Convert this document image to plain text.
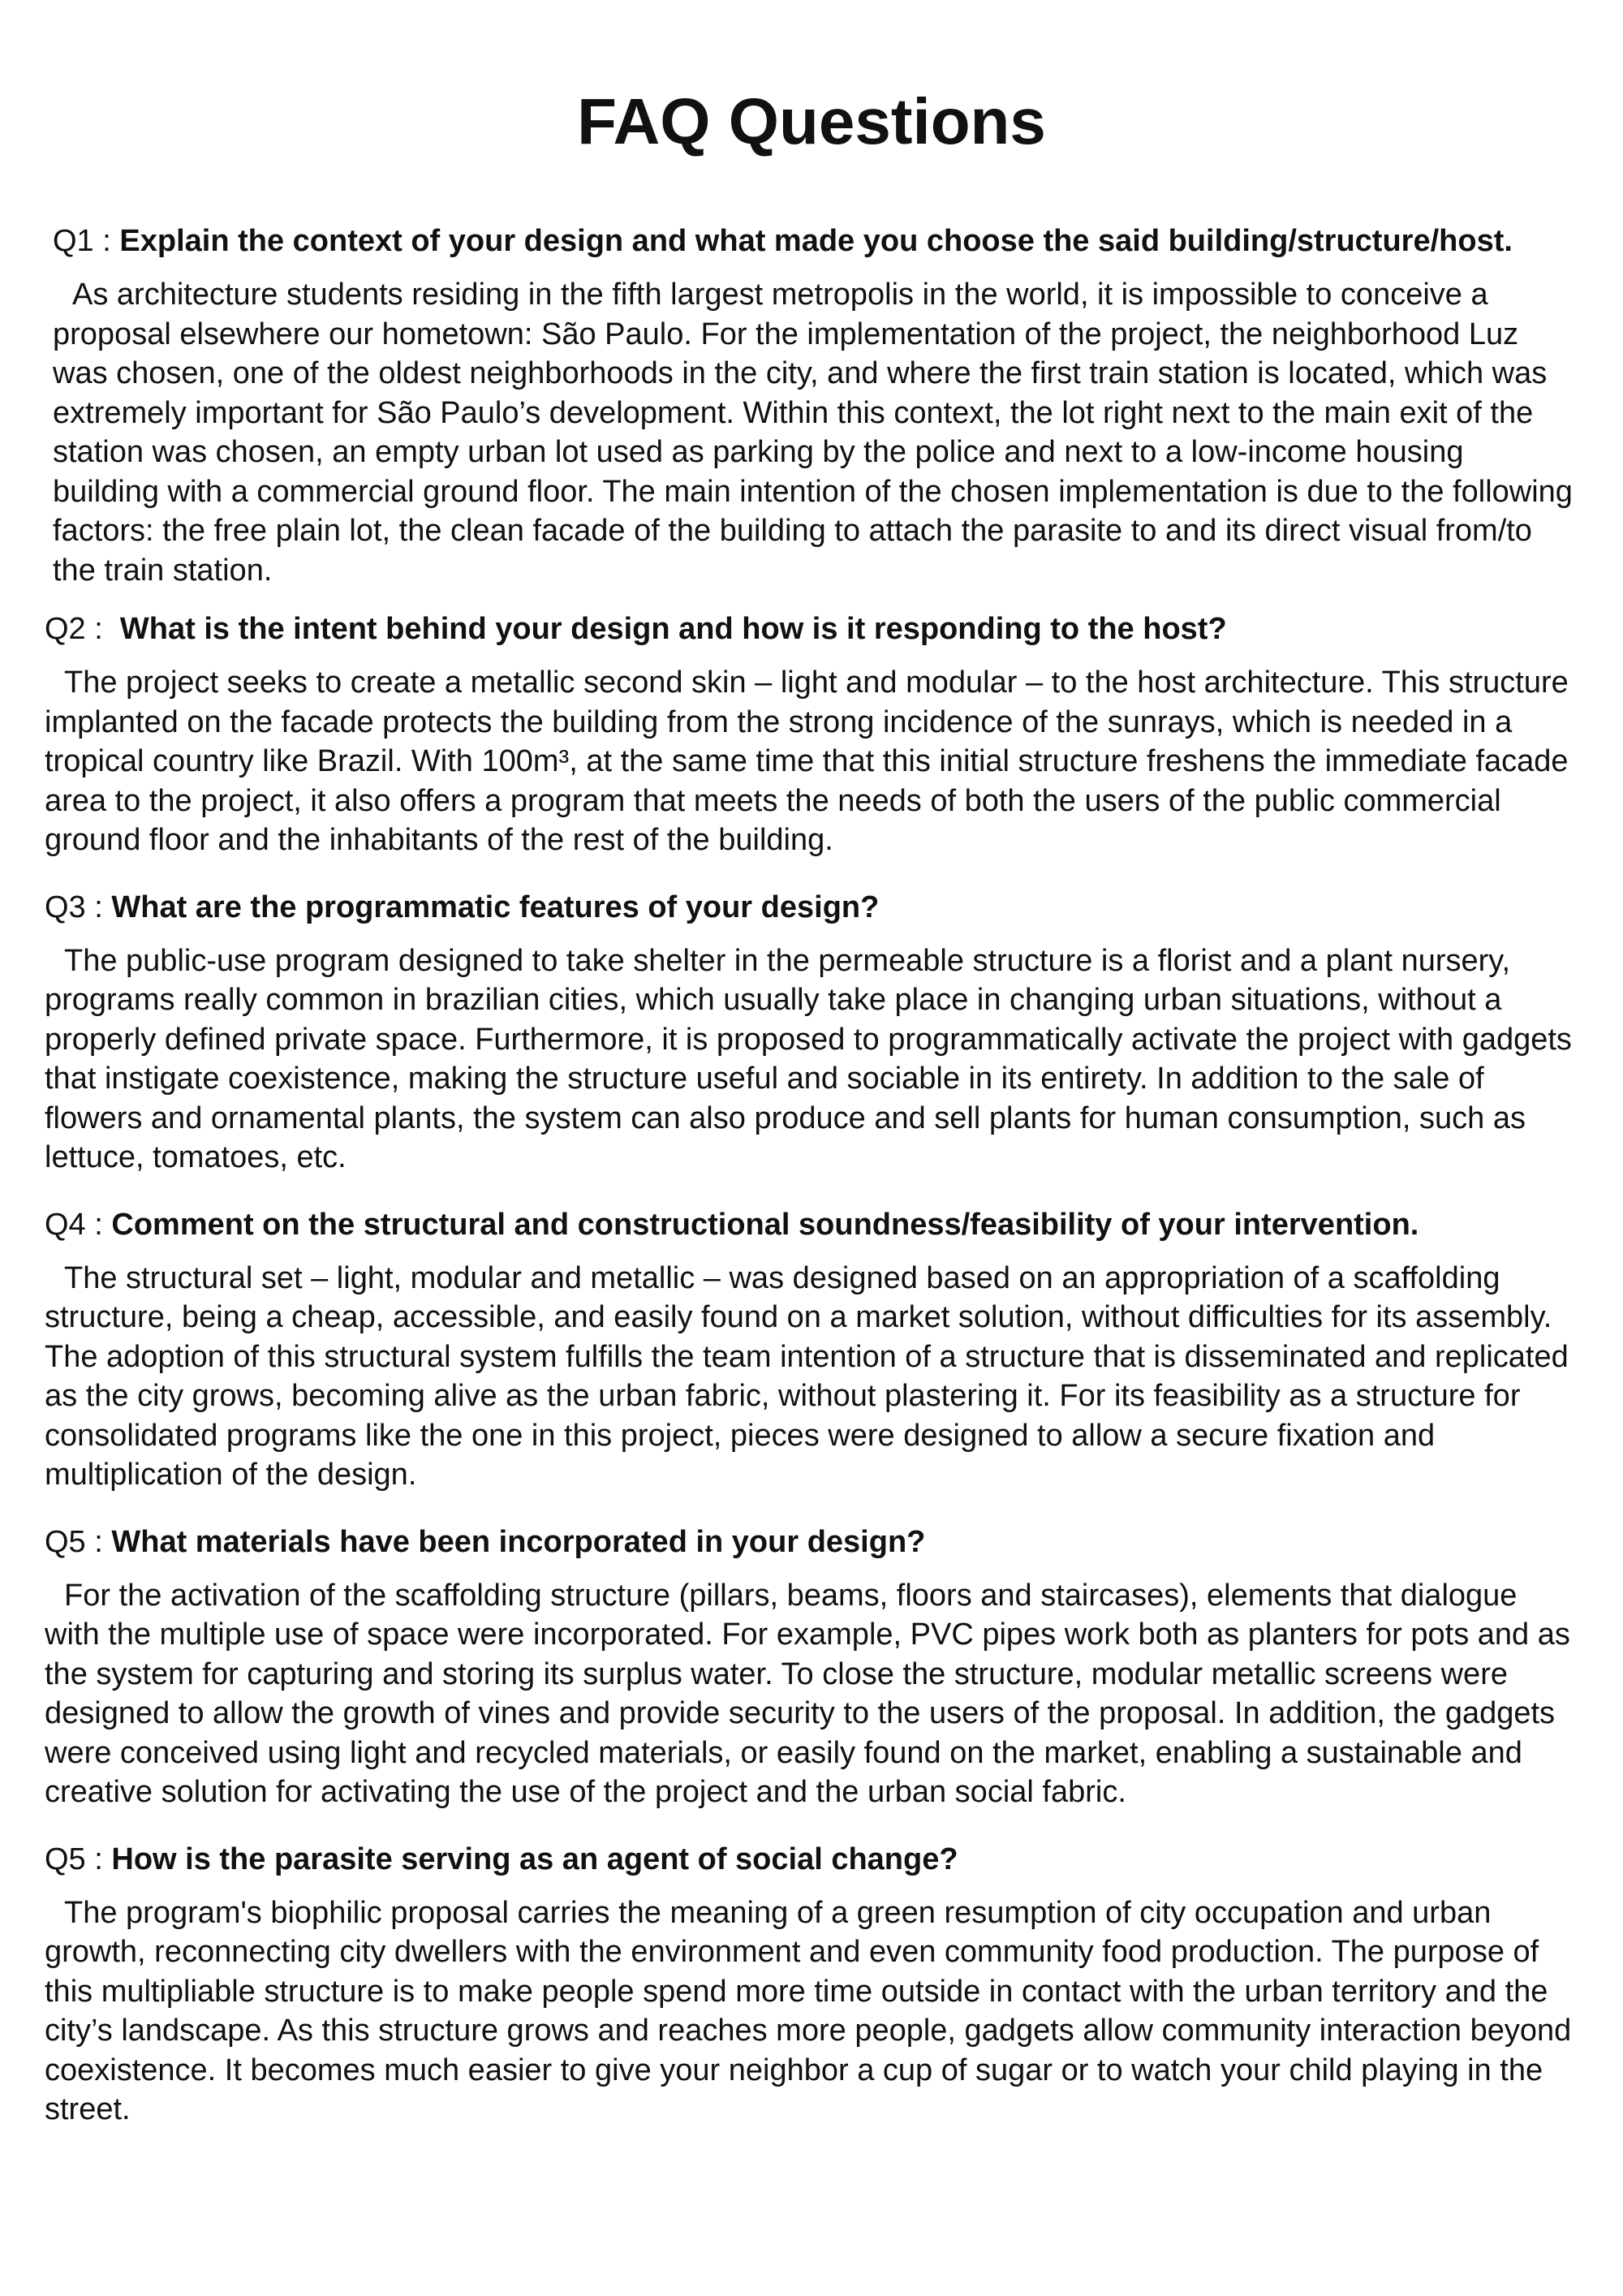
FAQ Questions

Q1 : Explain the context of your design and what made you choose the said building/structure/host.

As architecture students residing in the fifth largest metropolis in the world, it is impossible to conceive a proposal elsewhere our hometown: São Paulo. For the implementation of the project, the neighborhood Luz was chosen, one of the oldest neighborhoods in the city, and where the first train station is located, which was extremely important for São Paulo’s development. Within this context, the lot right next to the main exit of the station was chosen, an empty urban lot used as parking by the police and next to a low-income housing building with a commercial ground floor. The main intention of the chosen implementation is due to the following factors: the free plain lot, the clean facade of the building to attach the parasite to and its direct visual from/to the train station.

Q2 :  What is the intent behind your design and how is it responding to the host?

The project seeks to create a metallic second skin – light and modular – to the host architecture. This structure implanted on the facade protects the building from the strong incidence of the sunrays, which is needed in a tropical country like Brazil. With 100m³, at the same time that this initial structure freshens the immediate facade area to the project, it also offers a program that meets the needs of both the users of the public commercial ground floor and the inhabitants of the rest of the building.

Q3 : What are the programmatic features of your design?

The public-use program designed to take shelter in the permeable structure is a florist and a plant nursery, programs really common in brazilian cities, which usually take place in changing urban situations, without a properly defined private space. Furthermore, it is proposed to programmatically activate the project with gadgets that instigate coexistence, making the structure useful and sociable in its entirety. In addition to the sale of flowers and ornamental plants, the system can also produce and sell plants for human consumption, such as lettuce, tomatoes, etc.

Q4 : Comment on the structural and constructional soundness/feasibility of your intervention.

The structural set – light, modular and metallic – was designed based on an appropriation of a scaffolding structure, being a cheap, accessible, and easily found on a market solution, without difficulties for its assembly. The adoption of this structural system fulfills the team intention of a structure that is disseminated and replicated as the city grows, becoming alive as the urban fabric, without plastering it. For its feasibility as a structure for consolidated programs like the one in this project, pieces were designed to allow a secure fixation and multiplication of the design.

Q5 : What materials have been incorporated in your design?

For the activation of the scaffolding structure (pillars, beams, floors and staircases), elements that dialogue with the multiple use of space were incorporated. For example, PVC pipes work both as planters for pots and as the system for capturing and storing its surplus water. To close the structure, modular metallic screens were designed to allow the growth of vines and provide security to the users of the proposal. In addition, the gadgets were conceived using light and recycled materials, or easily found on the market, enabling a sustainable and creative solution for activating the use of the project and the urban social fabric.

Q5 : How is the parasite serving as an agent of social change?

The program's biophilic proposal carries the meaning of a green resumption of city occupation and urban growth, reconnecting city dwellers with the environment and even community food production. The purpose of this multipliable structure is to make people spend more time outside in contact with the urban territory and the city’s landscape. As this structure grows and reaches more people, gadgets allow community interaction beyond coexistence. It becomes much easier to give your neighbor a cup of sugar or to watch your child playing in the street.
